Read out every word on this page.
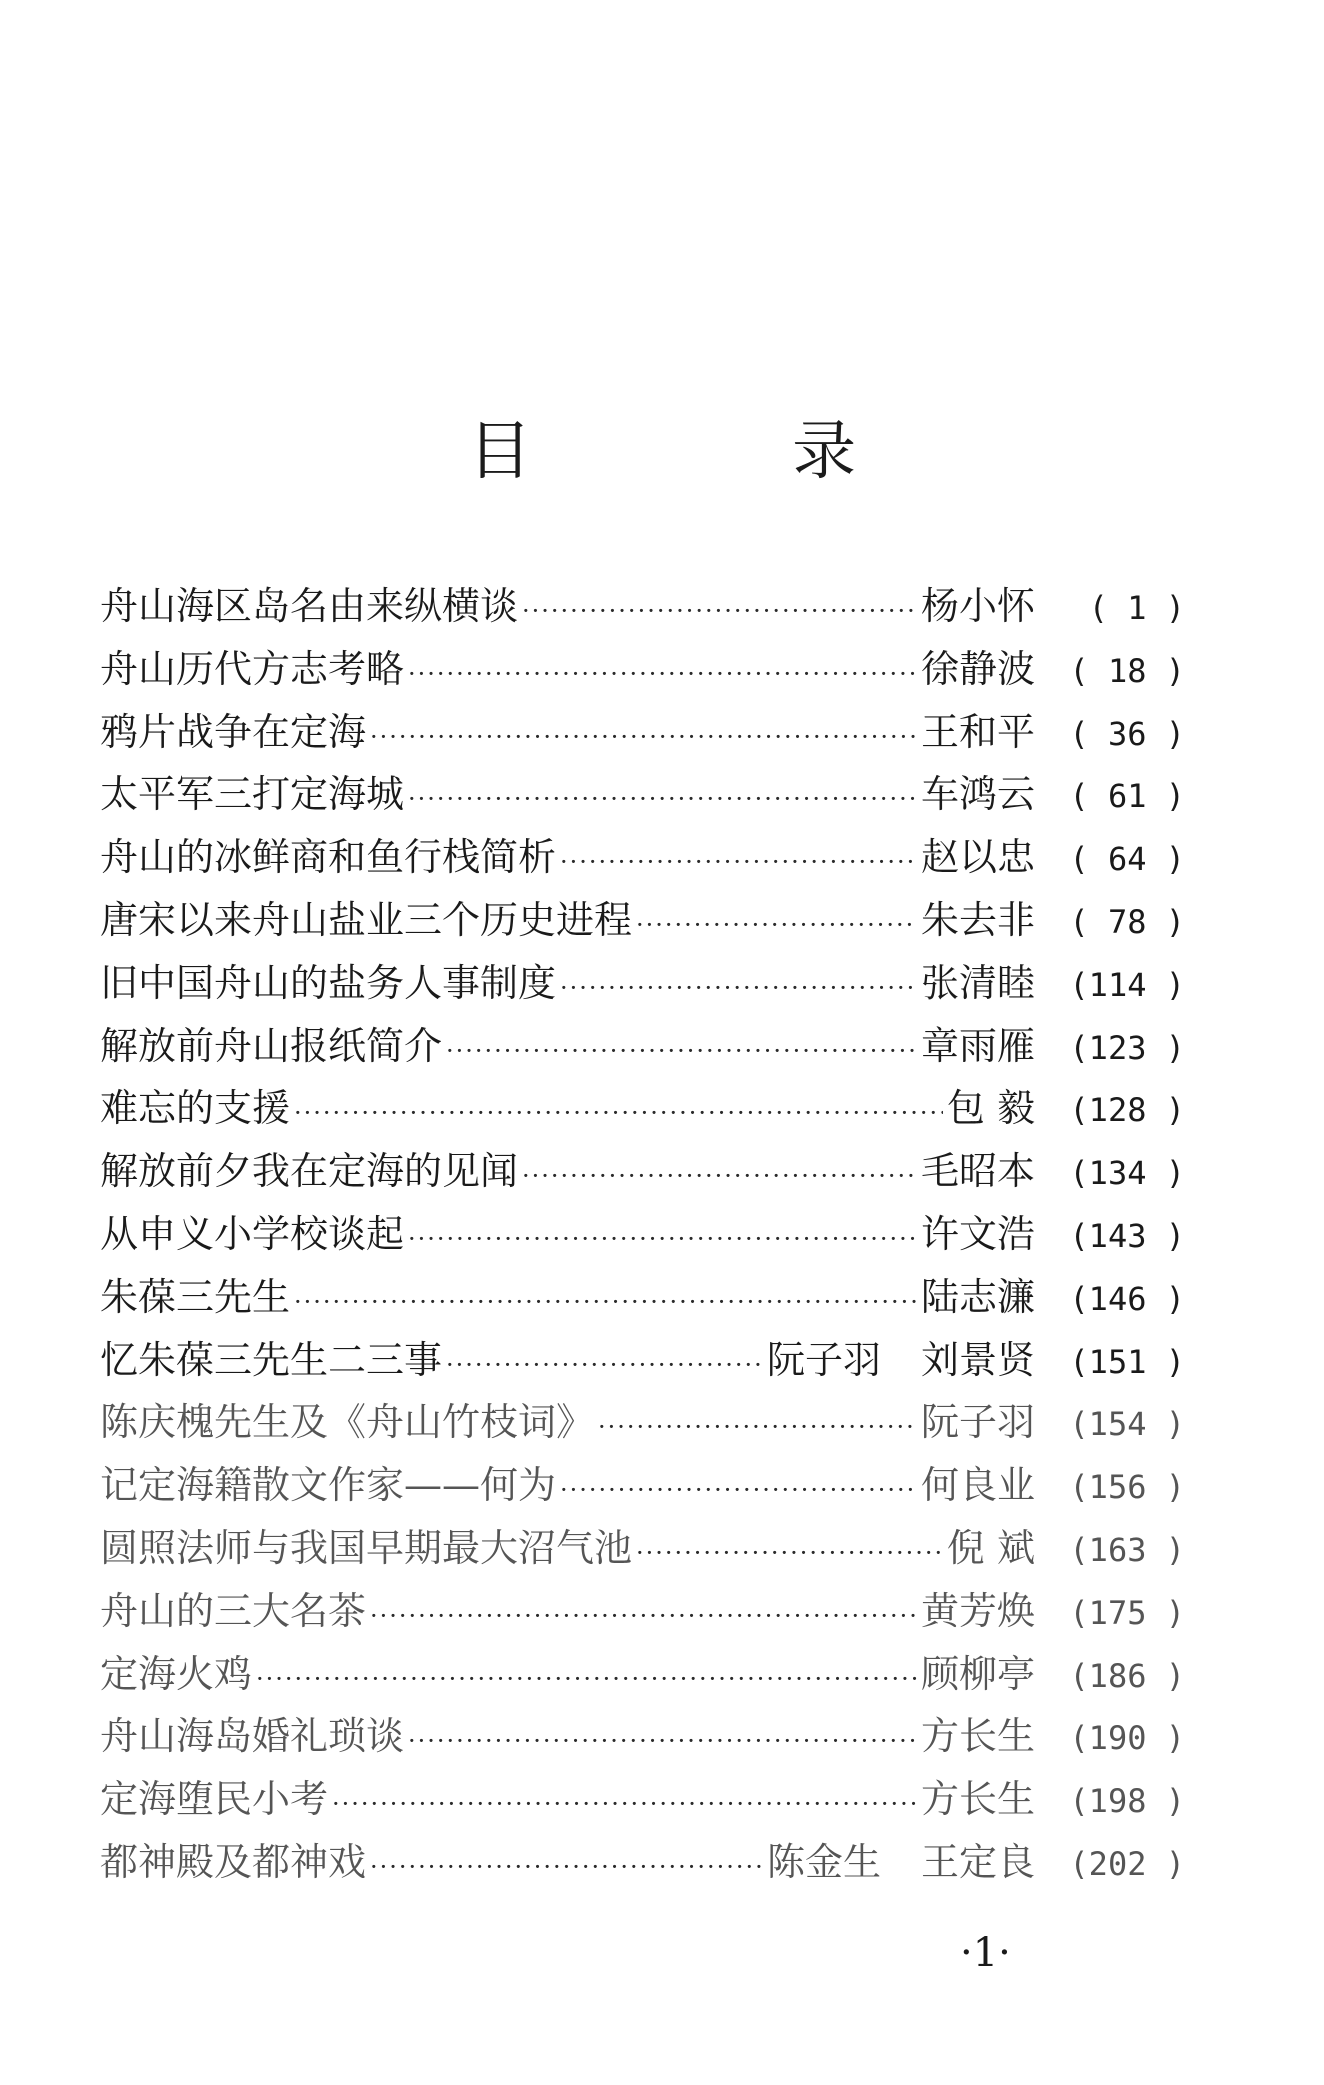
目 录
舟山海区岛名由来纵横谈 ·····	杨小怀	( 1 )
舟山历代方志考略 ·····	徐静波	( 18 )
鸦片战争在定海 ·····	王和平	( 36 )
太平军三打定海城 ·····	车鸿云	( 61 )
舟山的冰鲜商和鱼行栈简析 ·····	赵以忠	( 64 )
唐宋以来舟山盐业三个历史进程 ·····	朱去非	( 78 )
旧中国舟山的盐务人事制度 ·····	张清睦	(114 )
解放前舟山报纸简介 ·····	章雨雁	(123 )
难忘的支援 ·····	包 毅	(128 )
解放前夕我在定海的见闻 ·····	毛昭本	(134 )
从申义小学校谈起 ·····	许文浩	(143 )
朱葆三先生 ·····	陆志濂	(146 )
忆朱葆三先生二三事 ·····	阮子羽 刘景贤	(151 )
陈庆槐先生及《舟山竹枝词》 ·····	阮子羽	(154 )
记定海籍散文作家——何为 ·····	何良业	(156 )
圆照法师与我国早期最大沼气池 ·····	倪 斌	(163 )
舟山的三大名茶 ·····	黄芳焕	(175 )
定海火鸡 ·····	顾柳亭	(186 )
舟山海岛婚礼琐谈 ·····	方长生	(190 )
定海堕民小考 ·····	方长生	(198 )
都神殿及都神戏 ·····	陈金生 王定良	(202 )
·1·
